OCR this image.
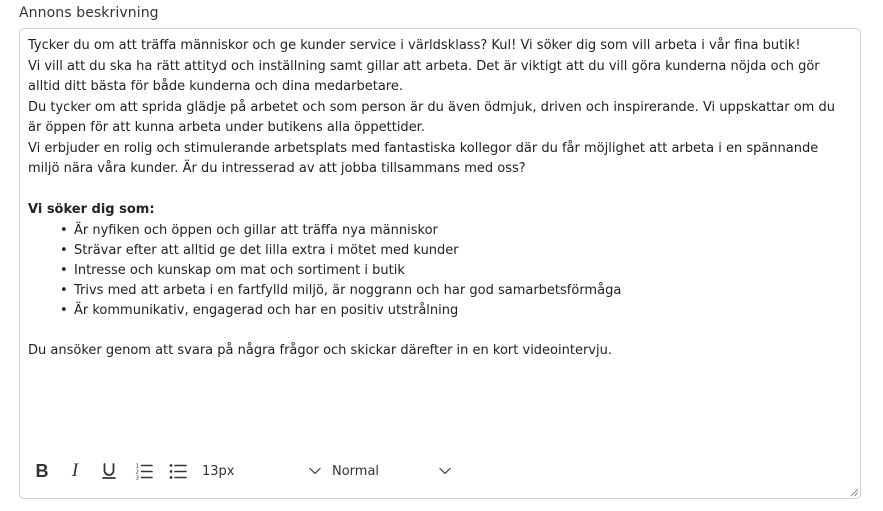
Annons beskrivning

Tycker du om att träffa människor och ge kunder service i världsklass? Kul! Vi söker dig som vill arbeta i vår fina butik!

Vi vill att du ska ha rätt attityd och inställning samt gillar att arbeta. Det är viktigt att du vill göra kunderna nöjda och gör alltid ditt bästa för både kunderna och dina medarbetare.

Du tycker om att sprida glädje på arbetet och som person är du även ödmjuk, driven och inspirerande. Vi uppskattar om du är öppen för att kunna arbeta under butikens alla öppettider.

Vi erbjuder en rolig och stimulerande arbetsplats med fantastiska kollegor där du får möjlighet att arbeta i en spännande miljö nära våra kunder. Är du intresserad av att jobba tillsammans med oss?

Vi söker dig som:

• Är nyfiken och öppen och gillar att träffa nya människor
• Strävar efter att alltid ge det lilla extra i mötet med kunder
• Intresse och kunskap om mat och sortiment i butik
• Trivs med att arbeta i en fartfylld miljö, är noggrann och har god samarbetsförmåga
• Är kommunikativ, engagerad och har en positiv utstrålning

Du ansöker genom att svara på några frågor och skickar därefter in en kort videointervju.

B I	1
2
3	13px	Normal
